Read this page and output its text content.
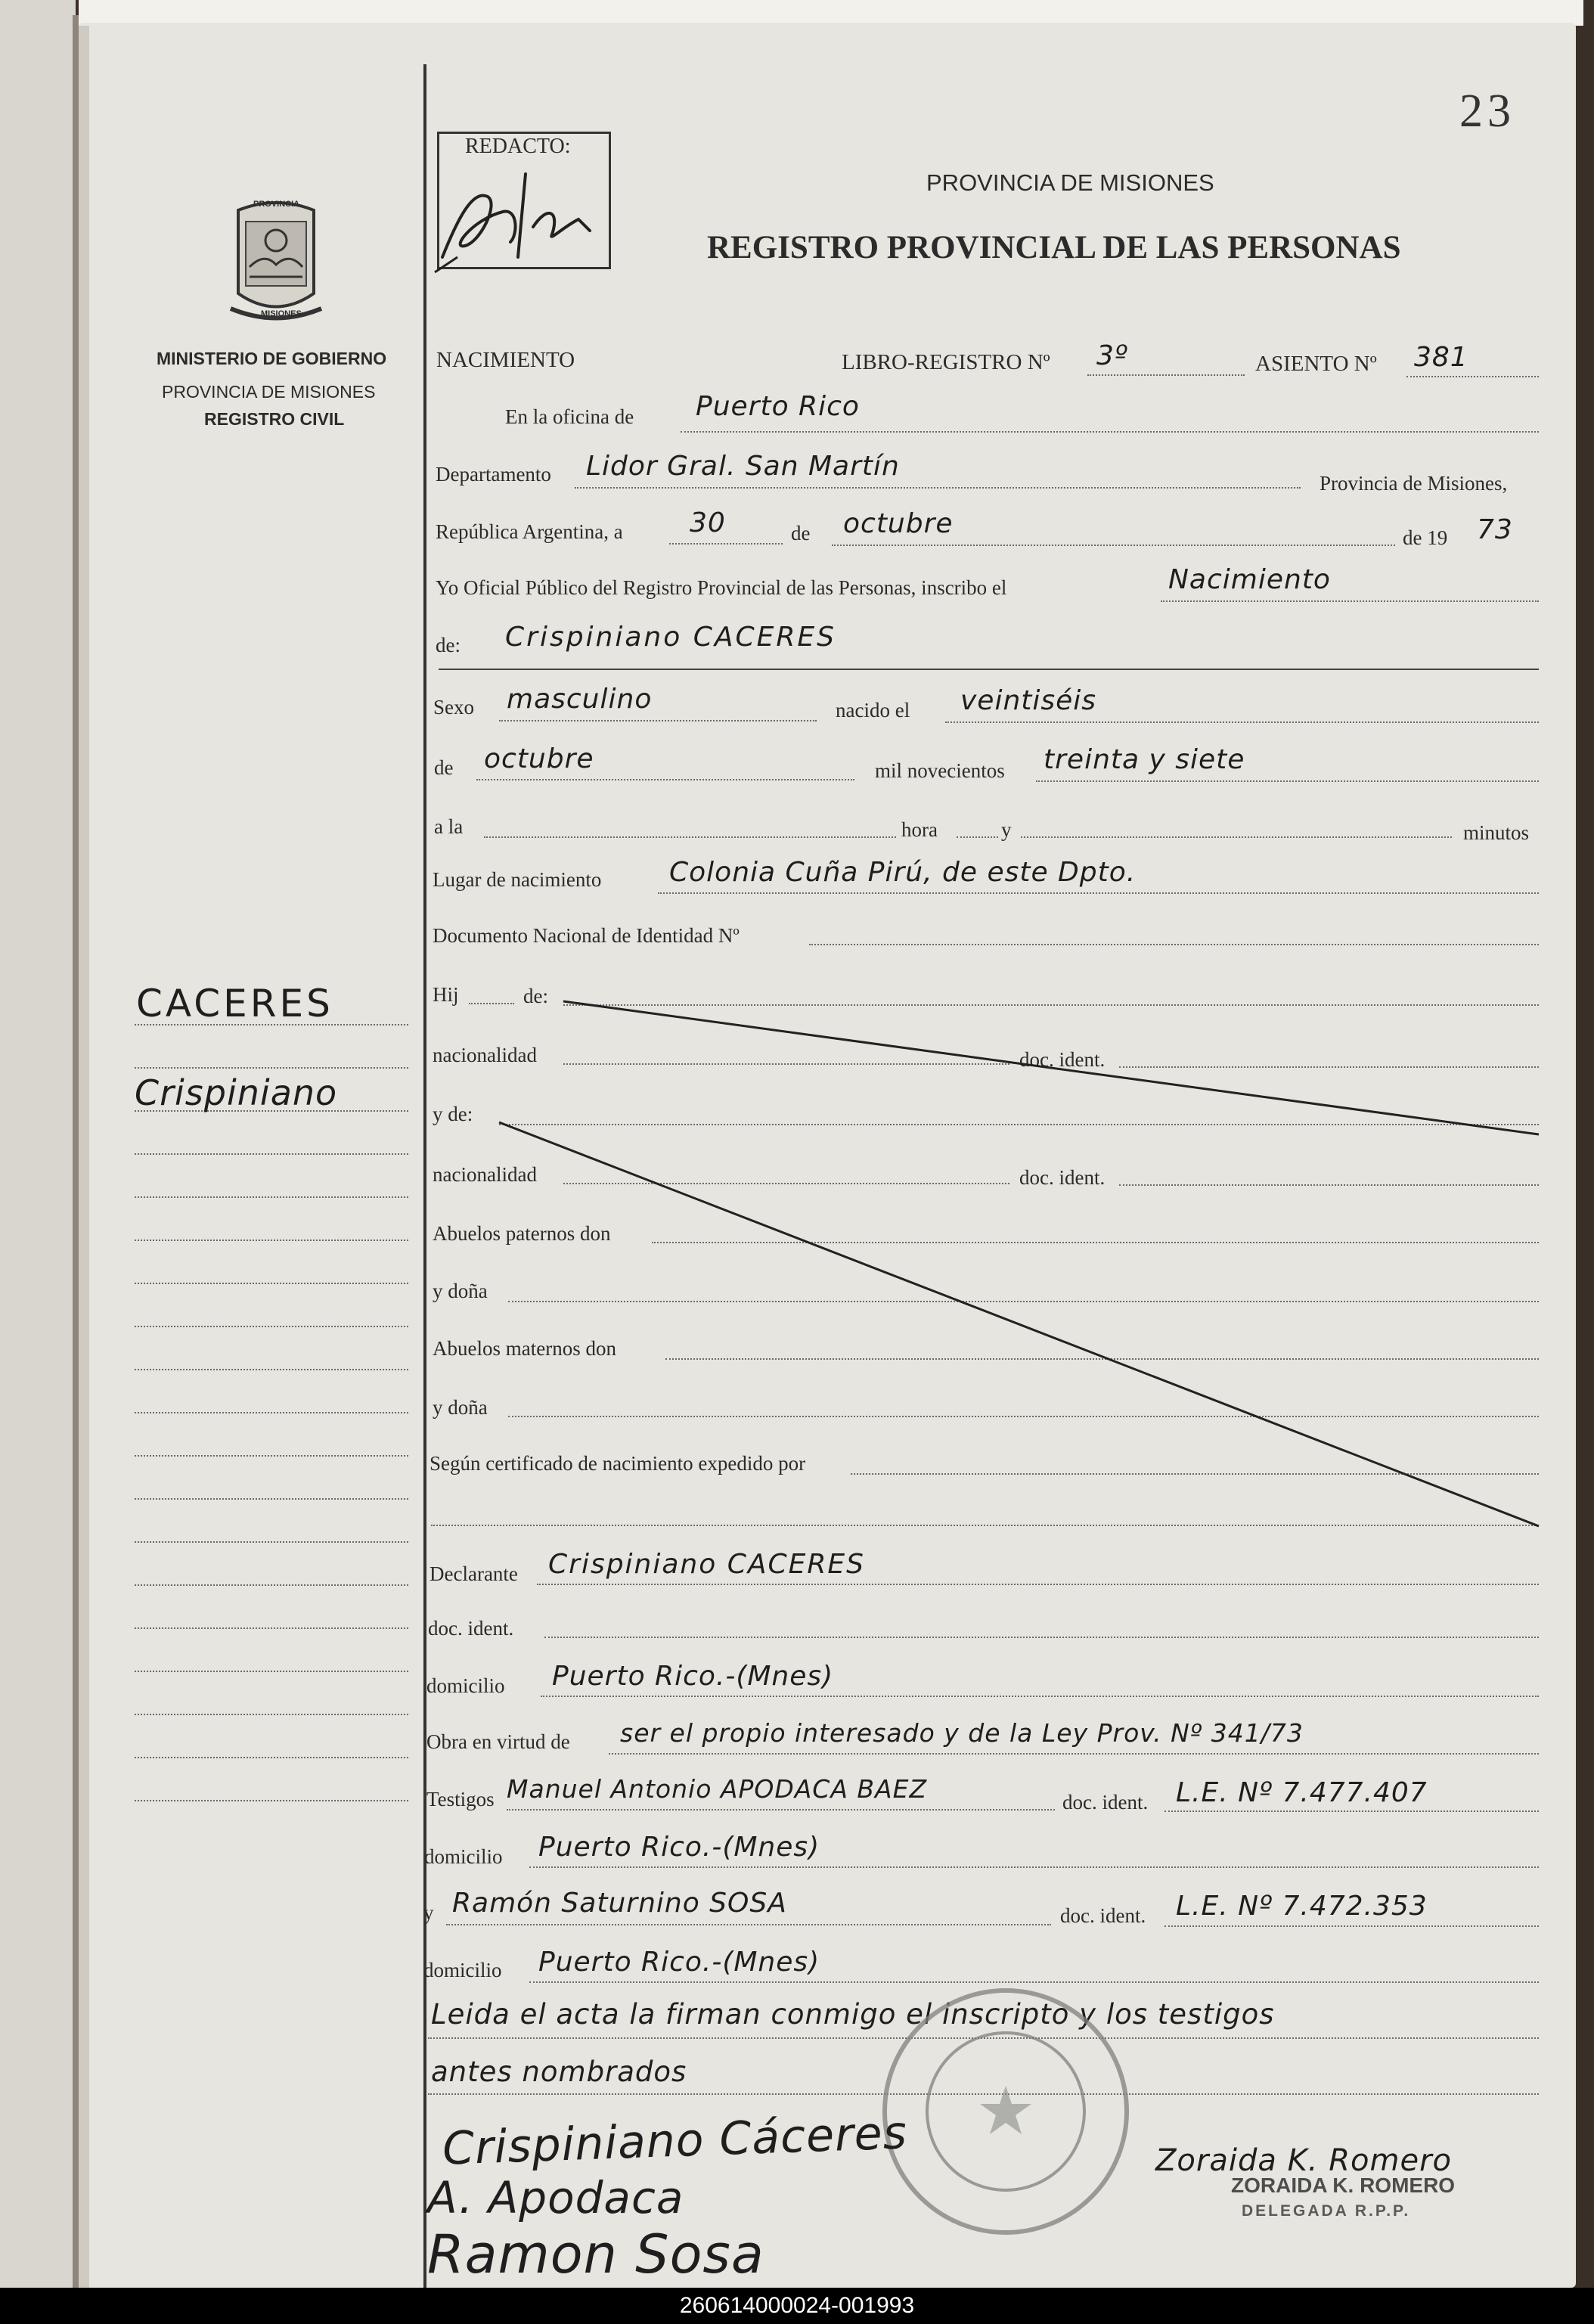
23
REDACTO:
PROVINCIA DE MISIONES
REGISTRO PROVINCIAL DE LAS PERSONAS
PROVINCIA
MISIONES
MINISTERIO DE GOBIERNO
PROVINCIA DE MISIONES
REGISTRO CIVIL
CACERES
Crispiniano
NACIMIENTO	LIBRO-REGISTRO Nº 3º	ASIENTO Nº 381
En la oficina de Puerto Rico
Departamento Lidor Gral. San Martín
Provincia de Misiones,
República Argentina, a 30	de octubre	de 19 73
Yo Oficial Público del Registro Provincial de las Personas, inscribo el	Nacimiento
de: Crispiniano CACERES
Sexo masculino	nacido el veintiséis
de octubre	mil novecientos treinta y siete
a la	hora	y	minutos
Lugar de nacimiento Colonia Cuña Pirú, de este Dpto.
Documento Nacional de Identidad Nº
Hij	de:
nacionalidad	doc. ident.
y de:
nacionalidad	doc. ident.
Abuelos paternos don
y doña
Abuelos maternos don
y doña
Según certificado de nacimiento expedido por
Declarante Crispiniano CACERES
doc. ident.
domicilio Puerto Rico.-(Mnes)
Obra en virtud de ser el propio interesado y de la Ley Prov. Nº 341/73
Testigos Manuel Antonio APODACA BAEZ	doc. ident. L.E. Nº 7.477.407
domicilio Puerto Rico.-(Mnes)
y Ramón Saturnino SOSA	doc. ident. L.E. Nº 7.472.353
domicilio Puerto Rico.-(Mnes)
Leida el acta la firman conmigo el inscripto y los testigos
antes nombrados
Crispiniano Cáceres
A. Apodaca
Ramon Sosa
Zoraida K. Romero
ZORAIDA K. ROMERO
DELEGADA R.P.P.
260614000024-001993
